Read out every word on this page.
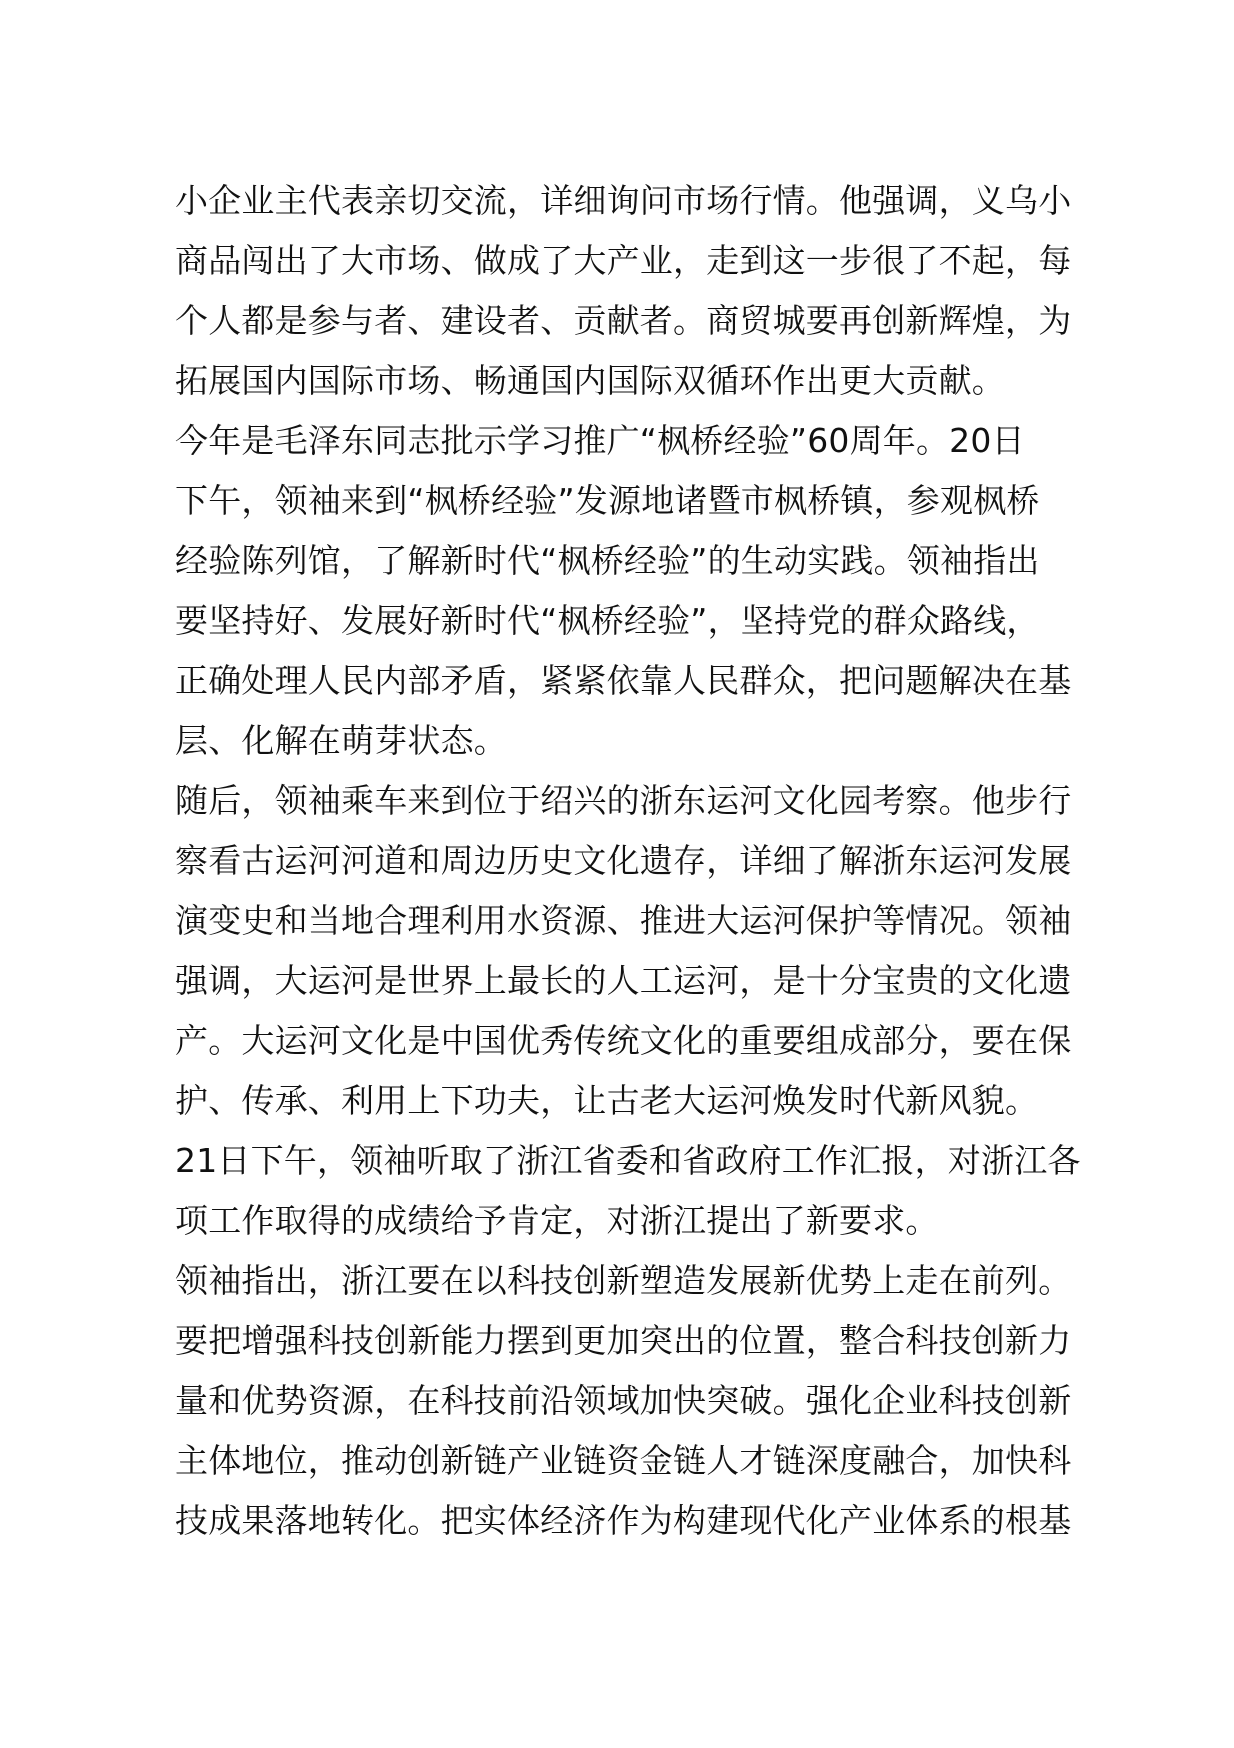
小企业主代表亲切交流，详细询问市场行情。他强调，义乌小
商品闯出了大市场、做成了大产业，走到这一步很了不起，每
个人都是参与者、建设者、贡献者。商贸城要再创新辉煌，为
拓展国内国际市场、畅通国内国际双循环作出更大贡献。
今年是毛泽东同志批示学习推广“枫桥经验”60周年。20日
下午，领袖来到“枫桥经验”发源地诸暨市枫桥镇，参观枫桥
经验陈列馆，了解新时代“枫桥经验”的生动实践。领袖指出
要坚持好、发展好新时代“枫桥经验”，坚持党的群众路线，
正确处理人民内部矛盾，紧紧依靠人民群众，把问题解决在基
层、化解在萌芽状态。
随后，领袖乘车来到位于绍兴的浙东运河文化园考察。他步行
察看古运河河道和周边历史文化遗存，详细了解浙东运河发展
演变史和当地合理利用水资源、推进大运河保护等情况。领袖
强调，大运河是世界上最长的人工运河，是十分宝贵的文化遗
产。大运河文化是中国优秀传统文化的重要组成部分，要在保
护、传承、利用上下功夫，让古老大运河焕发时代新风貌。
21日下午，领袖听取了浙江省委和省政府工作汇报，对浙江各
项工作取得的成绩给予肯定，对浙江提出了新要求。
领袖指出，浙江要在以科技创新塑造发展新优势上走在前列。
要把增强科技创新能力摆到更加突出的位置，整合科技创新力
量和优势资源，在科技前沿领域加快突破。强化企业科技创新
主体地位，推动创新链产业链资金链人才链深度融合，加快科
技成果落地转化。把实体经济作为构建现代化产业体系的根基
